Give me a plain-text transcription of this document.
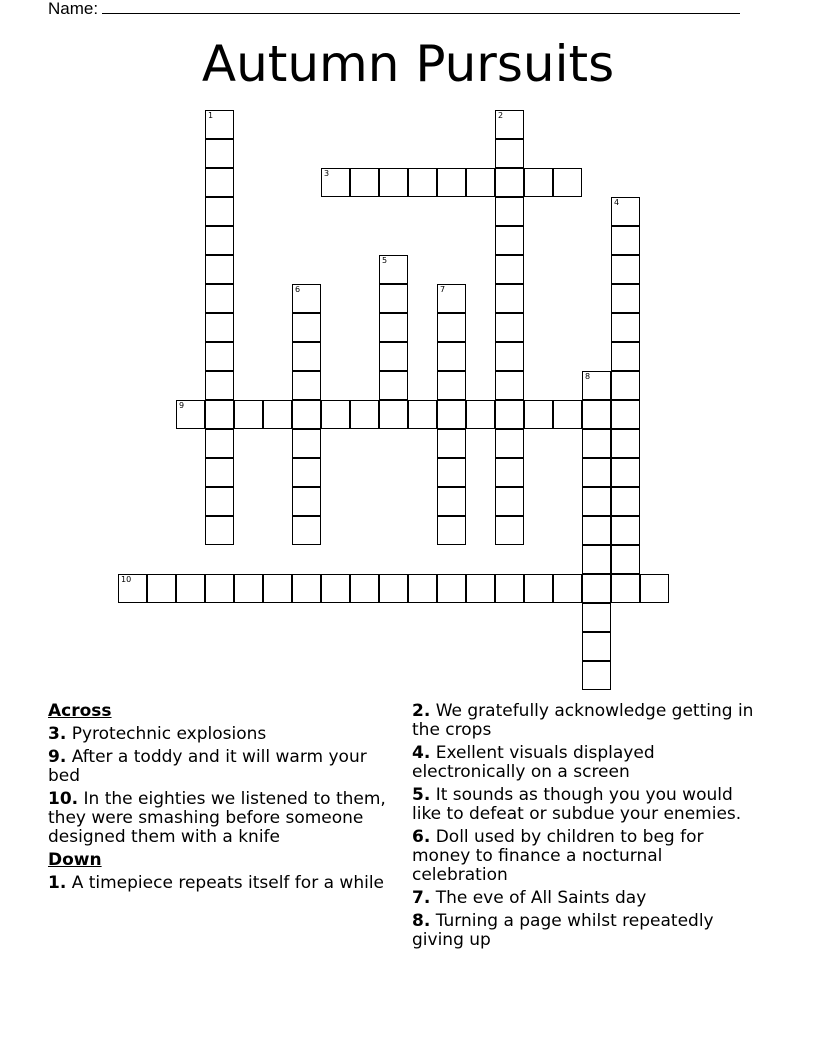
Name:
Autumn Pursuits
1	2
3
4
5
6	7
8
9
10
Across
3. Pyrotechnic explosions
9. After a toddy and it will warm your bed
10. In the eighties we listened to them, they were smashing before someone designed them with a knife
Down
1. A timepiece repeats itself for a while
2. We gratefully acknowledge getting in the crops
4. Exellent visuals displayed electronically on a screen
5. It sounds as though you you would like to defeat or subdue your enemies.
6. Doll used by children to beg for money to finance a nocturnal celebration
7. The eve of All Saints day
8. Turning a page whilst repeatedly giving up
